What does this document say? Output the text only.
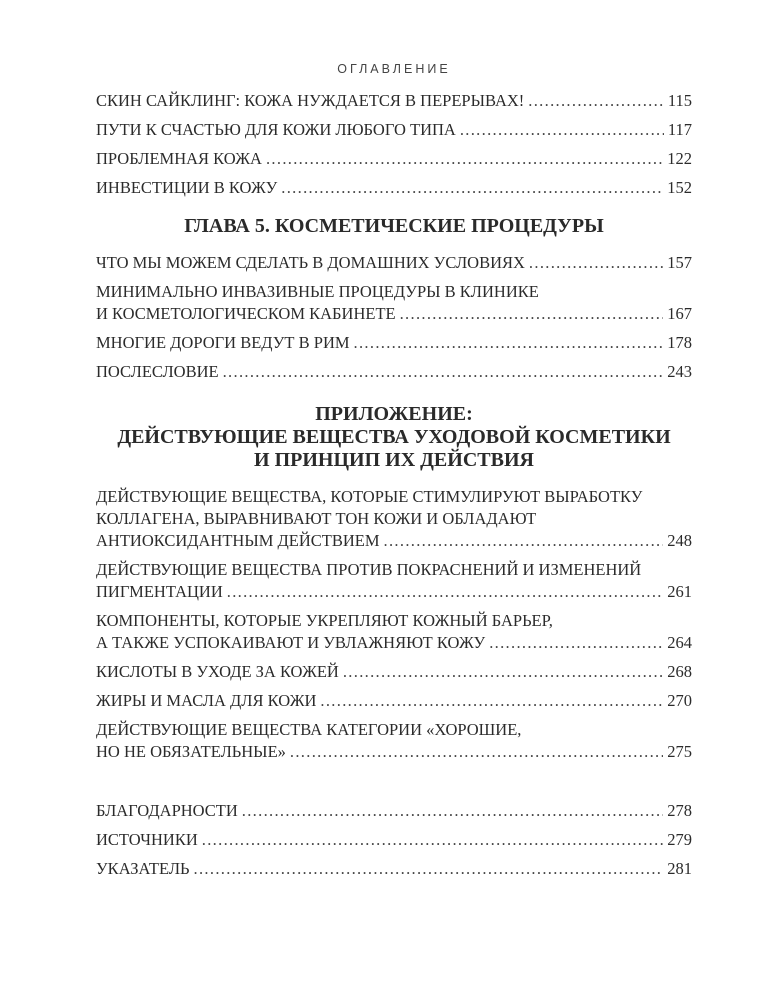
ОГЛАВЛЕНИЕ
СКИН САЙКЛИНГ: КОЖА НУЖДАЕТСЯ В ПЕРЕРЫВАХ! . . .	115
ПУТИ К СЧАСТЬЮ ДЛЯ КОЖИ ЛЮБОГО ТИПА . . .	117
ПРОБЛЕМНАЯ КОЖА . . .	122
ИНВЕСТИЦИИ В КОЖУ . . .	152
ГЛАВА 5. КОСМЕТИЧЕСКИЕ ПРОЦЕДУРЫ
ЧТО МЫ МОЖЕМ СДЕЛАТЬ В ДОМАШНИХ УСЛОВИЯХ . . .	157
МИНИМАЛЬНО ИНВАЗИВНЫЕ ПРОЦЕДУРЫ В КЛИНИКЕ
И КОСМЕТОЛОГИЧЕСКОМ КАБИНЕТЕ . . .	167
МНОГИЕ ДОРОГИ ВЕДУТ В РИМ . . .	178
ПОСЛЕСЛОВИЕ . . .	243
ПРИЛОЖЕНИЕ:
ДЕЙСТВУЮЩИЕ ВЕЩЕСТВА УХОДОВОЙ КОСМЕТИКИ
И ПРИНЦИП ИХ ДЕЙСТВИЯ
ДЕЙСТВУЮЩИЕ ВЕЩЕСТВА, КОТОРЫЕ СТИМУЛИРУЮТ ВЫРАБОТКУ
КОЛЛАГЕНА, ВЫРАВНИВАЮТ ТОН КОЖИ И ОБЛАДАЮТ
АНТИОКСИДАНТНЫМ ДЕЙСТВИЕМ . . .	248
ДЕЙСТВУЮЩИЕ ВЕЩЕСТВА ПРОТИВ ПОКРАСНЕНИЙ И ИЗМЕНЕНИЙ
ПИГМЕНТАЦИИ . . .	261
КОМПОНЕНТЫ, КОТОРЫЕ УКРЕПЛЯЮТ КОЖНЫЙ БАРЬЕР,
А ТАКЖЕ УСПОКАИВАЮТ И УВЛАЖНЯЮТ КОЖУ . . .	264
КИСЛОТЫ В УХОДЕ ЗА КОЖЕЙ . . .	268
ЖИРЫ И МАСЛА ДЛЯ КОЖИ . . .	270
ДЕЙСТВУЮЩИЕ ВЕЩЕСТВА КАТЕГОРИИ «ХОРОШИЕ,
НО НЕ ОБЯЗАТЕЛЬНЫЕ» . . .	275
БЛАГОДАРНОСТИ . . .	278
ИСТОЧНИКИ . . .	279
УКАЗАТЕЛЬ . . .	281
